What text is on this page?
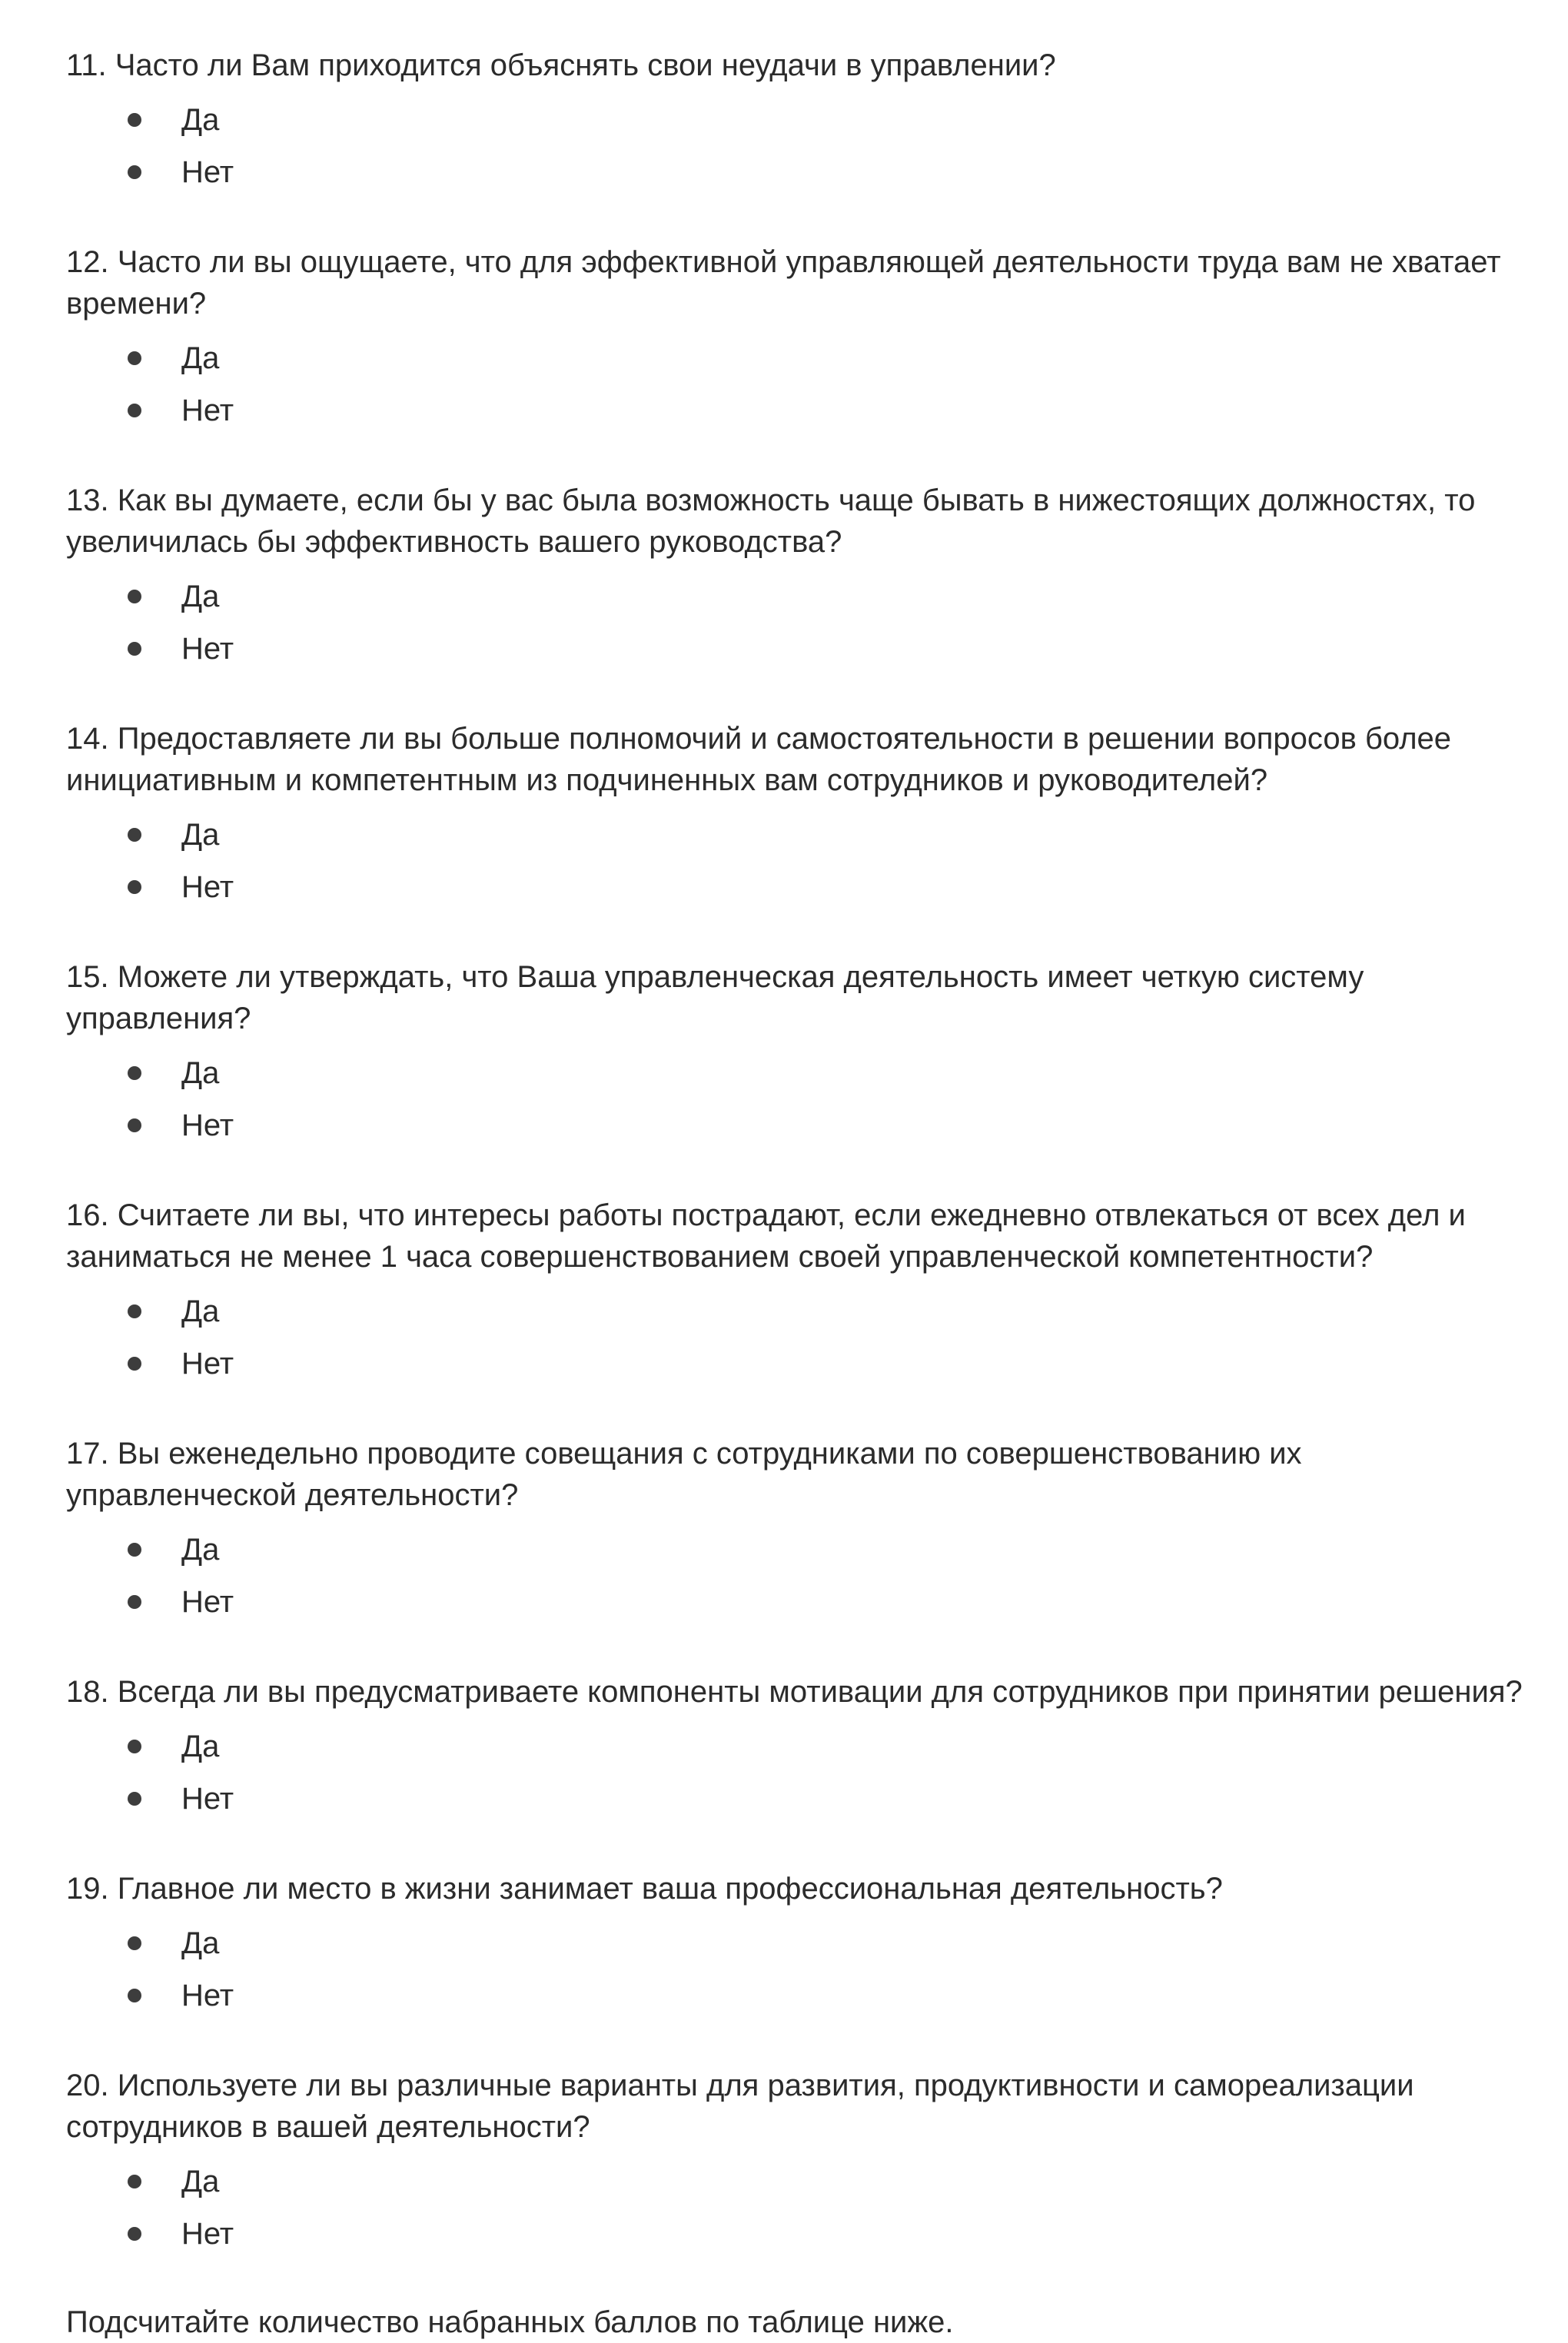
11. Часто ли Вам приходится объяснять свои неудачи в управлении?
Да
Нет
12. Часто ли вы ощущаете, что для эффективной управляющей деятельности труда вам не хватает времени?
Да
Нет
13. Как вы думаете, если бы у вас была возможность чаще бывать в нижестоящих должностях, то увеличилась бы эффективность вашего руководства?
Да
Нет
14. Предоставляете ли вы больше полномочий и самостоятельности в решении вопросов более инициативным и компетентным из подчиненных вам сотрудников и руководителей?
Да
Нет
15. Можете ли утверждать, что Ваша управленческая деятельность имеет четкую систему управления?
Да
Нет
16. Считаете ли вы, что интересы работы пострадают, если ежедневно отвлекаться от всех дел и заниматься не менее 1 часа совершенствованием своей управленческой компетентности?
Да
Нет
17. Вы еженедельно проводите совещания с сотрудниками по совершенствованию их управленческой деятельности?
Да
Нет
18. Всегда ли вы предусматриваете компоненты мотивации для сотрудников при принятии решения?
Да
Нет
19. Главное ли место в жизни занимает ваша профессиональная деятельность?
Да
Нет
20. Используете ли вы различные варианты для развития, продуктивности и самореализации сотрудников в вашей деятельности?
Да
Нет
Подсчитайте количество набранных баллов по таблице ниже.
